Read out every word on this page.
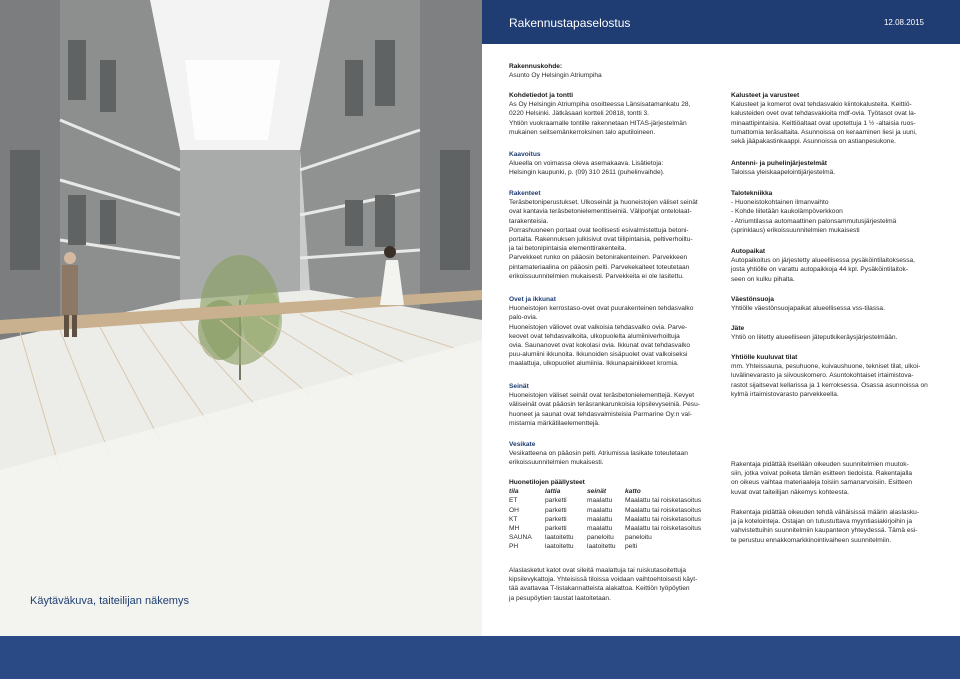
Käytäväkuva, taiteilijan näkemys
Rakennustapaselostus	12.08.2015
Rakennuskohde:
Asunto Oy Helsingin Atriumpiha
Kohdetiedot ja tontti
As Oy Helsingin Atriumpiha osoitteessa Länsisatamankatu 28,
0220 Helsinki. Jätkäsaari kortteli 20818, tontti 3.
Yhtiön vuokraamalle tontille rakennetaan HITAS-järjestelmän
mukainen seitsemänkerroksinen talo aputiloineen.
Kaavoitus
Alueella on voimassa oleva asemakaava. Lisätietoja:
Helsingin kaupunki, p. (09) 310 2611 (puhelinvaihde).
Rakenteet
Teräsbetoniperustukset. Ulkoseinät ja huoneistojen väliset seinät
ovat kantavia teräsbetonielementtiseiniä. Välipohjat ontelolaat-
tarakenteisia.
Porrashuoneen portaat ovat teollisesti esivalmistettuja betoni-
portaita. Rakennuksen julkisivut ovat tiilipintaisia, peltiverhoiltu-
ja tai betonipintaisia elementtirakenteita.
Parvekkeet runko on pääosin betonirakenteinen. Parvekkeen
pintamateriaalina on pääosin pelti. Parvekekaiteet toteutetaan
erikoissuunnitelmien mukaisesti. Parvekkeita ei ole lasitettu.
Ovet ja ikkunat
Huoneistojen kerrostaso-ovet ovat puurakenteinen tehdasvalko
palo-ovia.
Huoneistojen väliovet ovat valkoisia tehdasvalko ovia. Parve-
keovet ovat tehdasvalkoita, ulkopuolelta alumiiniverhoiltuja
ovia. Saunanovet ovat kokolasi ovia. Ikkunat ovat tehdasvalko
puu-alumiini ikkunoita. Ikkunoiden sisäpuolet ovat valkoiseksi
maalattuja, ulkopuoliet alumiinia. Ikkunapainikkeet kromia.
Seinät
Huoneistojen väliset seinät ovat teräsbetonielementtejä. Kevyet
väliseinät ovat pääosin teräsrankarunkoisia kipsilevyseiniä. Pesu-
huoneet ja saunat ovat tehdasvalmisteisia Parmarine Oy:n val-
mistamia märkätilaelementtejä.
Vesikate
Vesikatteena on pääosin pelti. Atriumissa lasikate toteutetaan
erikoissuunnitelmien mukaisesti.
Huonetilojen päällysteet
tila	lattia	seinät	katto
ET	parketti	maalattu	Maalattu tai roisketasoitus
OH	parketti	maalattu	Maalattu tai roisketasoitus
KT	parketti	maalattu	Maalattu tai roisketasoitus
MH	parketti	maalattu	Maalattu tai roisketasoitus
SAUNA	laatoitettu	paneloitu	paneloitu
PH	laatoitettu	laatoitettu	pelti
Alaslasketut katot ovat sileitä maalattuja tai ruiskutasoitettuja
kipsilevykattoja. Yhteisissä tiloissa voidaan vaihtoehtoisesti käyt-
tää avattavaa T-listakannatteista alakattoa. Keittiön työpöytien
ja pesupöytien taustat laatoitetaan.
Kalusteet ja varusteet
Kalusteet ja komerot ovat tehdasvakio kiintokalusteita. Keittiö-
kalusteiden ovet ovat tehdasvakioita mdf-ovia. Työtasot ovat la-
minaattipintaisia. Keittiöaltaat ovat upotettuja 1 ½ -altaisia ruos-
tumattomia teräsaltaita. Asunnoissa on keraaminen liesi ja uuni,
sekä jääpakastinkaappi. Asunnoissa on astianpesukone.
Antenni- ja puhelinjärjestelmät
Taloissa yleiskaapelointijärjestelmä.
Talotekniikka
- Huoneistokohtainen ilmanvaihto
- Kohde liitetään kaukolämpöverkkoon
- Atriumtilassa automaattinen palonsammutusjärjestelmä
(sprinklaus) erikoissuunnitelmien mukaisesti
Autopaikat
Autopaikoitus on järjestetty alueellisessa pysäköintilaitoksessa,
josta yhtiölle on varattu autopaikkoja 44 kpl. Pysäköintilaitok-
seen on kulku pihalta.
Väestönsuoja
Yhtiölle väestönsuojapaikat alueellisessa vss-tilassa.
Jäte
Yhtiö on liitetty alueelliseen jäteputkikeräysjärjestelmään.
Yhtiölle kuuluvat tilat
mm. Yhteissauna, pesuhuone, kuivaushuone, tekniset tilat, ulkoi-
luvälinevarasto ja siivouskomero. Asuntokohtaiset irtaimistova-
rastot sijaitsevat kellarissa ja 1 kerroksessa. Osassa asunnoissa on
kylmä irtaimistovarasto parvekkeella.
Rakentaja pidättää itsellään oikeuden suunnitelmien muutok-
siin, jotka voivat poiketa tämän esitteen tiedoista. Rakentajalla
on oikeus vaihtaa materiaaleja toisiin samanarvoisiin. Esitteen
kuvat ovat taiteilijan näkemys kohteesta.
Rakentaja pidättää oikeuden tehdä vähäisissä määrin alaslasku-
ja ja kotelointeja. Ostajan on tutustuttava myyntiasiakirjoihin ja
vahvistettuihin suunnitelmiin kaupanteon yhteydessä. Tämä esi-
te perustuu ennakkomarkkinointivaiheen suunnitelmiin.
